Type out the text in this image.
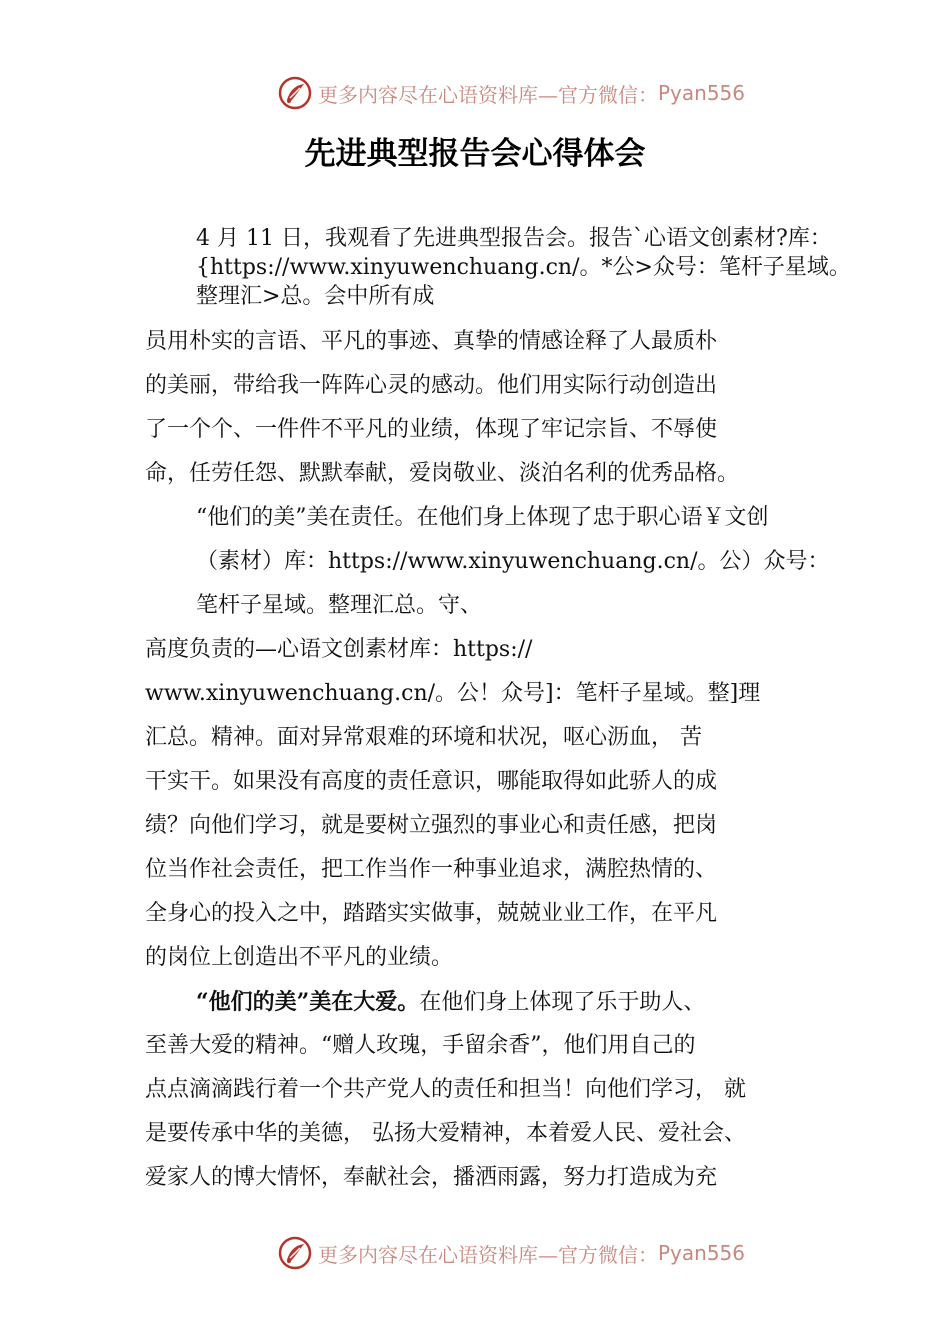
更多内容尽在心语资料库—官方微信： Pyan556
先进典型报告会心得体会

4 月 11 日，我观看了先进典型报告会。报告`心语文创素材?库：

{https://www.xinyuwenchuang.cn/。*公>众号：笔杆子星域。

整理汇>总。会中所有成

员用朴实的言语、平凡的事迹、真挚的情感诠释了人最质朴

的美丽，带给我一阵阵心灵的感动。他们用实际行动创造出

了一个个、一件件不平凡的业绩，体现了牢记宗旨、不辱使

命，任劳任怨、默默奉献，爱岗敬业、淡泊名利的优秀品格。

“他们的美”美在责任。在他们身上体现了忠于职心语￥文创

（素材）库：https://www.xinyuwenchuang.cn/。公）众号：

笔杆子星域。整理汇总。守、

高度负责的—心语文创素材库：https://

www.xinyuwenchuang.cn/。公！众号]：笔杆子星域。整]理

汇总。精神。面对异常艰难的环境和状况，呕心沥血， 苦

干实干。如果没有高度的责任意识，哪能取得如此骄人的成

绩？向他们学习，就是要树立强烈的事业心和责任感，把岗

位当作社会责任，把工作当作一种事业追求，满腔热情的、

全身心的投入之中，踏踏实实做事，兢兢业业工作，在平凡

的岗位上创造出不平凡的业绩。

“他们的美”美在大爱。在他们身上体现了乐于助人、

至善大爱的精神。“赠人玫瑰，手留余香”，他们用自己的

点点滴滴践行着一个共产党人的责任和担当！向他们学习， 就

是要传承中华的美德， 弘扬大爱精神，本着爱人民、爱社会、

爱家人的博大情怀，奉献社会，播洒雨露，努力打造成为充

更多内容尽在心语资料库—官方微信： Pyan556
